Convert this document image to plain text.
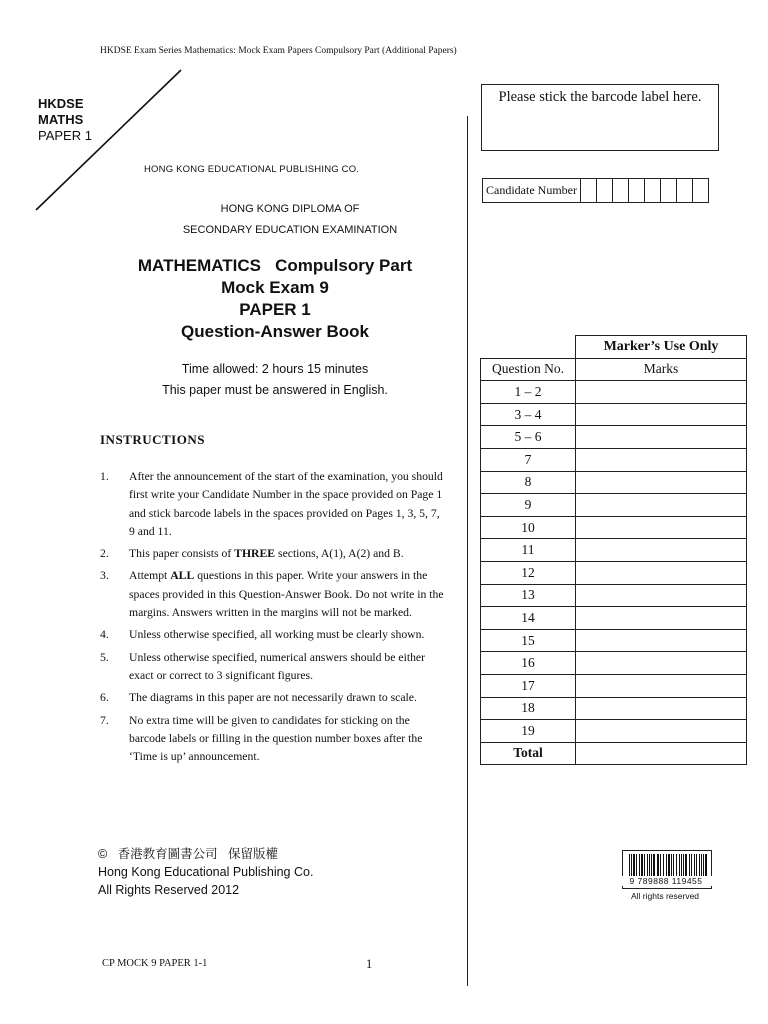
HKDSE Exam Series Mathematics: Mock Exam Papers Compulsory Part (Additional Papers)
HKDSE
MATHS
PAPER 1
HONG KONG EDUCATIONAL PUBLISHING CO.
HONG KONG DIPLOMA OF
SECONDARY EDUCATION EXAMINATION
MATHEMATICS   Compulsory Part
Mock Exam 9
PAPER 1
Question-Answer Book
Time allowed: 2 hours 15 minutes
This paper must be answered in English.
INSTRUCTIONS
1.	After the announcement of the start of the examination, you should first write your Candidate Number in the space provided on Page 1 and stick barcode labels in the spaces provided on Pages 1, 3, 5, 7, 9 and 11.
2.	This paper consists of THREE sections, A(1), A(2) and B.
3.	Attempt ALL questions in this paper. Write your answers in the spaces provided in this Question-Answer Book. Do not write in the margins. Answers written in the margins will not be marked.
4.	Unless otherwise specified, all working must be clearly shown.
5.	Unless otherwise specified, numerical answers should be either exact or correct to 3 significant figures.
6.	The diagrams in this paper are not necessarily drawn to scale.
7.	No extra time will be given to candidates for sticking on the barcode labels or filling in the question number boxes after the ‘Time is up’ announcement.
©   香港教育圖書公司   保留版權
Hong Kong Educational Publishing Co.
All Rights Reserved 2012
CP MOCK 9 PAPER 1-1	1
Please stick the barcode label here.
Candidate Number
	Marker’s Use Only
Question No.	Marks
1 – 2	
3 – 4	
5 – 6	
7	
8	
9	
10	
11	
12	
13	
14	
15	
16	
17	
18	
19	
Total	
9 789888 119455
All rights reserved
